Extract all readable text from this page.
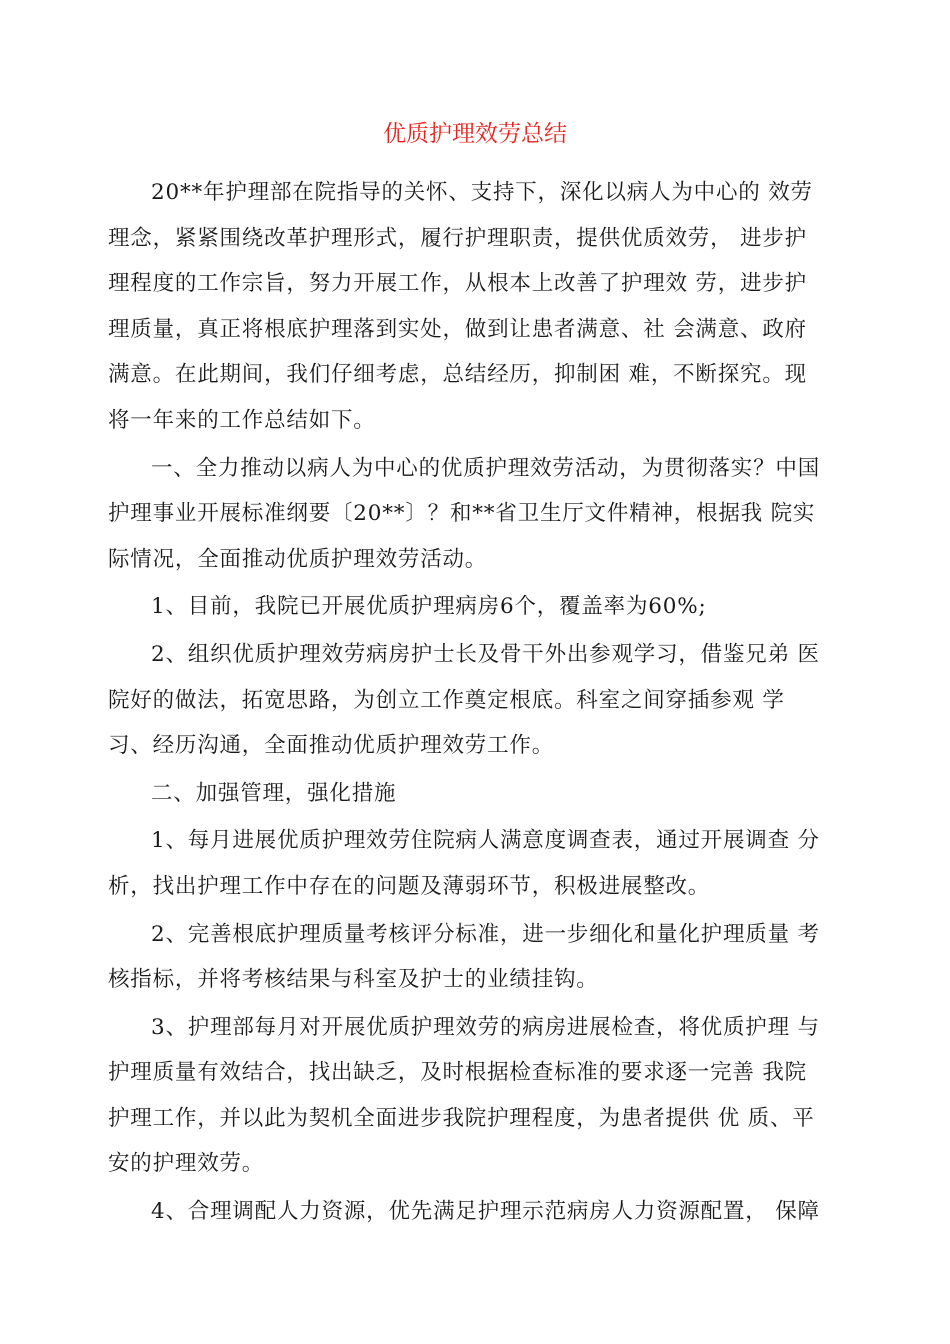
优质护理效劳总结

20**年护理部在院指导的关怀、支持下，深化以病人为中心的 效劳
理念，紧紧围绕改革护理形式，履行护理职责，提供优质效劳， 进步护
理程度的工作宗旨，努力开展工作，从根本上改善了护理效 劳，进步护
理质量，真正将根底护理落到实处，做到让患者满意、社 会满意、政府
满意。在此期间，我们仔细考虑，总结经历，抑制困 难，不断探究。现
将一年来的工作总结如下。

一、全力推动以病人为中心的优质护理效劳活动，为贯彻落实？中国
护理事业开展标准纲要〔20**〕？和**省卫生厅文件精神，根据我 院实
际情况，全面推动优质护理效劳活动。

1、目前，我院已开展优质护理病房6个，覆盖率为60%;

2、组织优质护理效劳病房护士长及骨干外出参观学习，借鉴兄弟 医
院好的做法，拓宽思路，为创立工作奠定根底。科室之间穿插参观 学
习、经历沟通，全面推动优质护理效劳工作。

二、加强管理，强化措施

1、每月进展优质护理效劳住院病人满意度调查表，通过开展调查 分
析，找出护理工作中存在的问题及薄弱环节，积极进展整改。

2、完善根底护理质量考核评分标准，进一步细化和量化护理质量 考
核指标，并将考核结果与科室及护士的业绩挂钩。

3、护理部每月对开展优质护理效劳的病房进展检查，将优质护理 与
护理质量有效结合，找出缺乏，及时根据检查标准的要求逐一完善 我院
护理工作，并以此为契机全面进步我院护理程度，为患者提供 优 质、平
安的护理效劳。

4、合理调配人力资源，优先满足护理示范病房人力资源配置， 保障
